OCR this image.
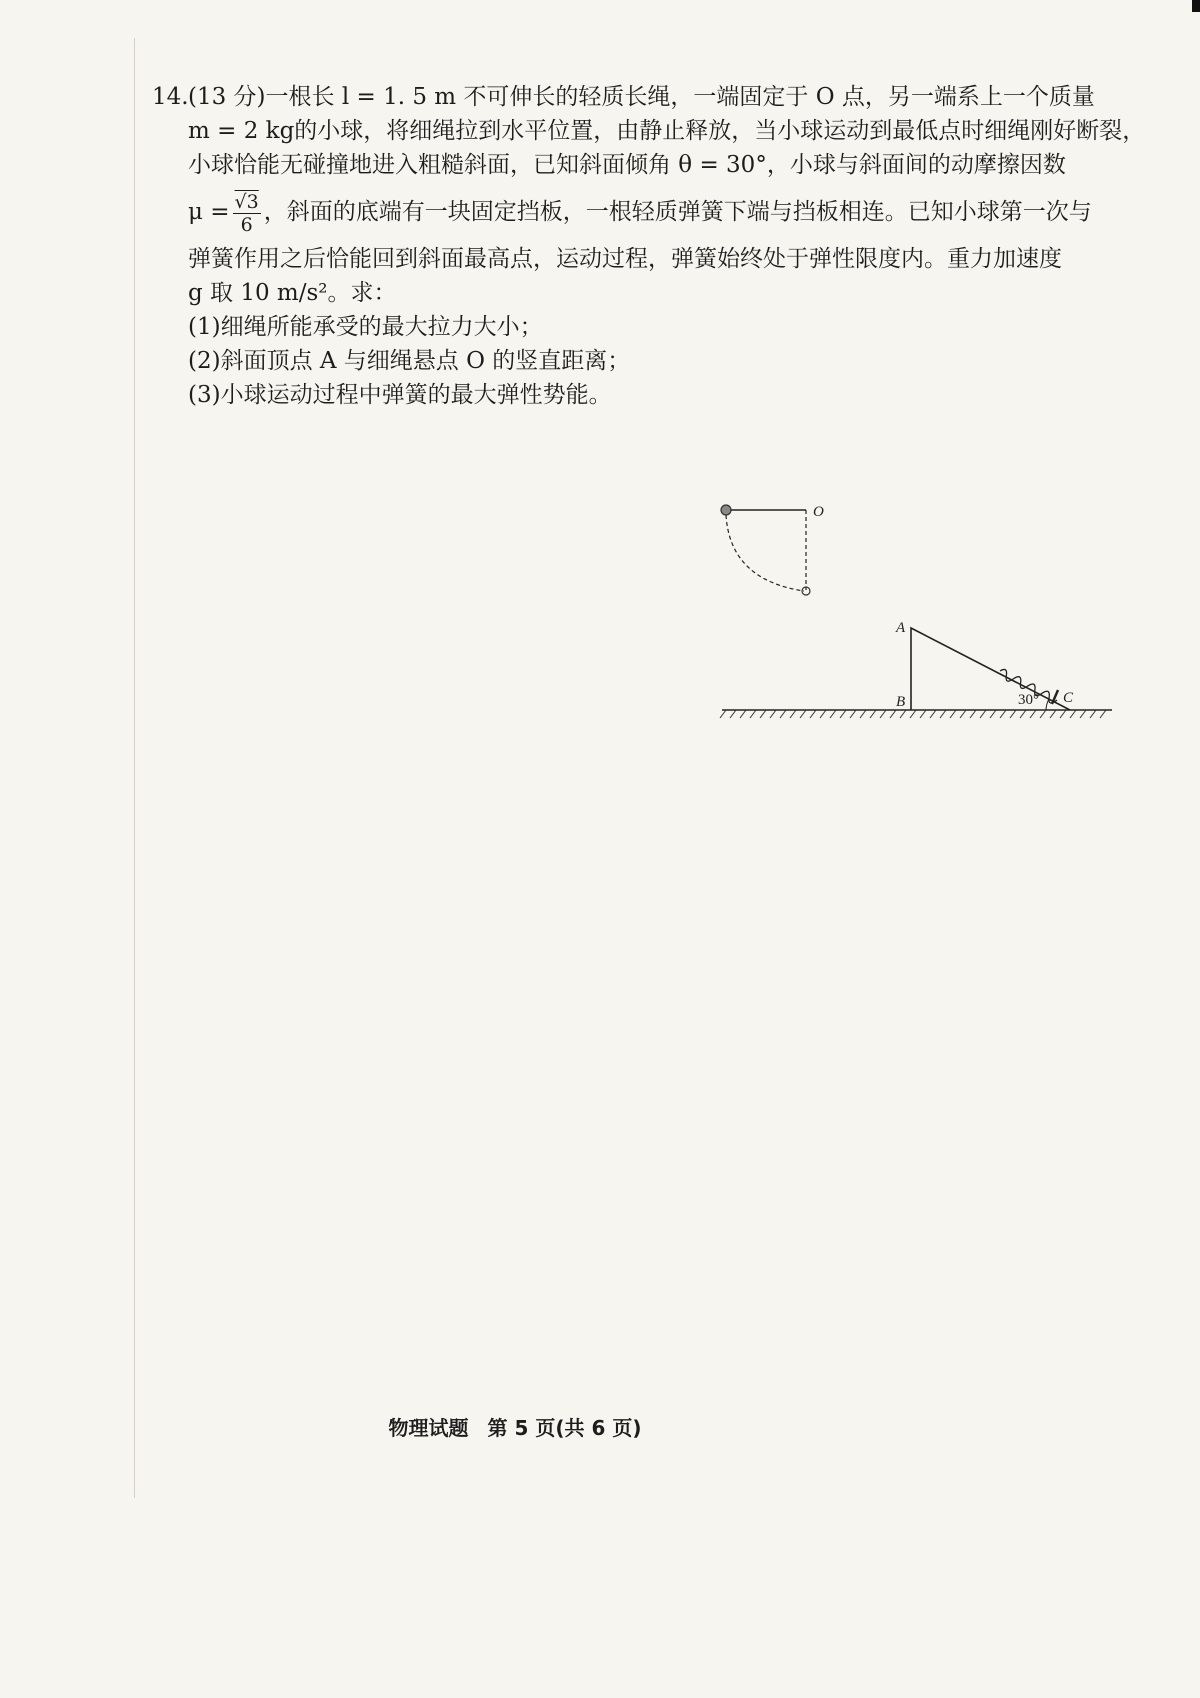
14. (13 分)一根长 l = 1. 5 m 不可伸长的轻质长绳，一端固定于 O 点，另一端系上一个质量
m = 2 kg的小球，将细绳拉到水平位置，由静止释放，当小球运动到最低点时细绳刚好断裂，
小球恰能无碰撞地进入粗糙斜面，已知斜面倾角 θ = 30°，小球与斜面间的动摩擦因数
$\mu = \frac{√3}{6}$ ，斜面的底端有一块固定挡板，一根轻质弹簧下端与挡板相连。已知小球第一次与
弹簧作用之后恰能回到斜面最高点，运动过程，弹簧始终处于弹性限度内。重力加速度
g 取 10 m/s²。求：
(1)细绳所能承受的最大拉力大小；
(2)斜面顶点 A 与细绳悬点 O 的竖直距离；
(3)小球运动过程中弹簧的最大弹性势能。
O
A
B	C
30°
物理试题 第 5 页(共 6 页)
